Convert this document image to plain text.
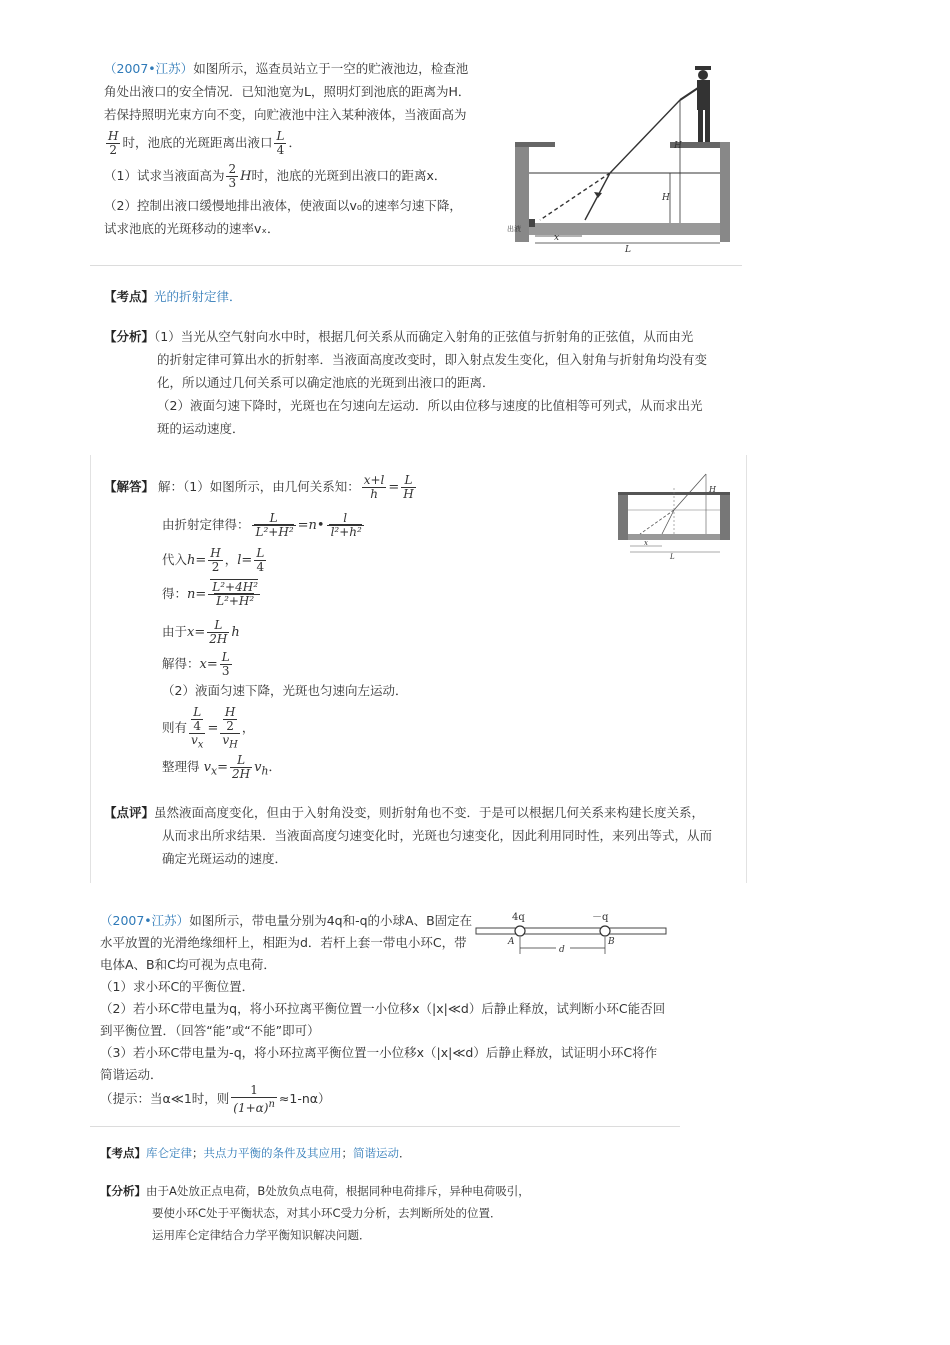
（2007•江苏）如图所示，巡查员站立于一空的贮液池边，检查池
角处出液口的安全情况．已知池宽为L，照明灯到池底的距离为H．
若保持照明光束方向不变，向贮液池中注入某种液体，当液面高为
$\frac{H}{2}$ 时，池底的光斑距离出液口 $\frac{L}{4}$ ．
（1）试求当液面高为 $\frac{2}{3}$ H时，池底的光斑到出液口的距离x．
（2）控制出液口缓慢地排出液体，使液面以v₀的速率匀速下降，
试求池底的光斑移动的速率vₓ．
H
H
x
L
出液
【考点】光的折射定律．
【分析】（1）当光从空气射向水中时，根据几何关系从而确定入射角的正弦值与折射角的正弦值，从而由光
的折射定律可算出水的折射率．当液面高度改变时，即入射点发生变化，但入射角与折射角均没有变
化，所以通过几何关系可以确定池底的光斑到出液口的距离．
（2）液面匀速下降时，光斑也在匀速向左运动．所以由位移与速度的比值相等可列式，从而求出光
斑的运动速度．
【解答】 解：（1）如图所示，由几何关系知： $\frac{x+l}{h} = \frac{L}{H}$
由折射定律得： $\frac{L}{\text{L²+H²}}$ =n• $\frac{l}{\text{l²+h²}}$
代入$h= \frac{H}{2}$ ，$l= \frac{L}{4}$
得：$n= \frac{\text{L²+4H²}}{\text{L²+H²}}$
由于$x= \frac{L}{2H}$ h
解得：$x= \frac{L}{3}$
（2）液面匀速下降，光斑也匀速向左运动．
则有 $\frac{\frac{L}{4}}{v_x} = \frac{\frac{H}{2}}{v_H}$ ，
整理得 $v_x= \frac{L}{2H} v_h$．
H
x
L
【点评】虽然液面高度变化，但由于入射角没变，则折射角也不变．于是可以根据几何关系来构建长度关系，
从而求出所求结果．当液面高度匀速变化时，光斑也匀速变化，因此利用同时性，来列出等式，从而
确定光斑运动的速度．
（2007•江苏）如图所示，带电量分别为4q和-q的小球A、B固定在
水平放置的光滑绝缘细杆上，相距为d．若杆上套一带电小环C，带
电体A、B和C均可视为点电荷．
（1）求小环C的平衡位置．
（2）若小环C带电量为q，将小环拉离平衡位置一小位移x（|x|≪d）后静止释放，试判断小环C能否回
到平衡位置．（回答“能”或“不能”即可）
（3）若小环C带电量为-q，将小环拉离平衡位置一小位移x（|x|≪d）后静止释放，试证明小环C将作
简谐运动．
（提示：当α≪1时，则 $\frac{1}{(1+\alpha)^n} \approx 1-n\alpha$）
4q	－q
A	B
d
【考点】库仑定律；共点力平衡的条件及其应用；简谐运动．
【分析】由于A处放正点电荷，B处放负点电荷，根据同种电荷排斥，异种电荷吸引，
要使小环C处于平衡状态，对其小环C受力分析，去判断所处的位置．
运用库仑定律结合力学平衡知识解决问题．
